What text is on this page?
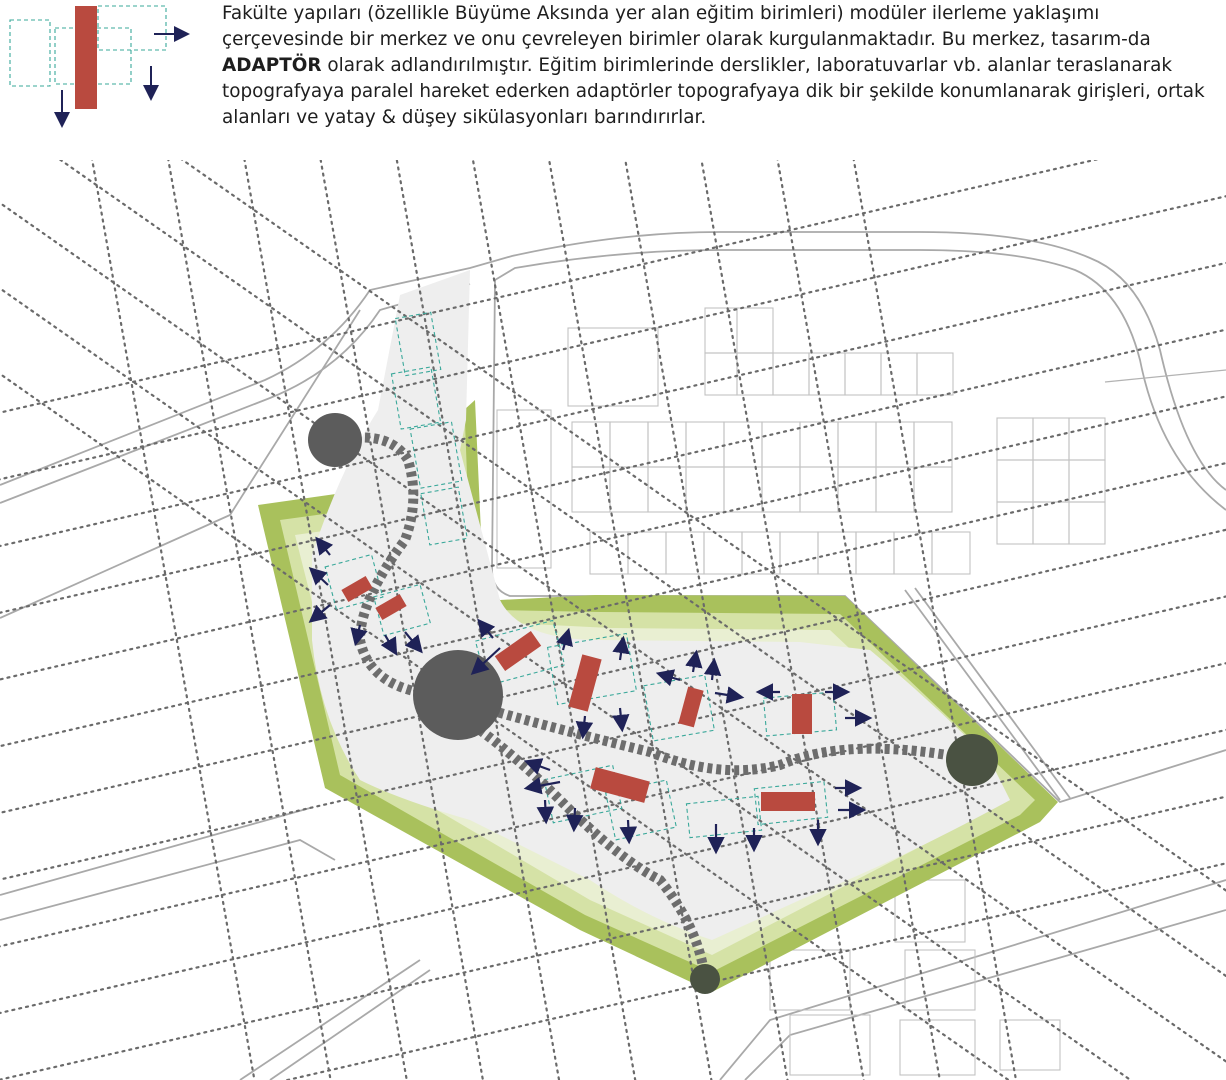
Fakülte yapıları (özellikle Büyüme Aksında yer alan eğitim birimleri) modüler ilerleme yaklaşımı çerçevesinde bir merkez ve onu çevreleyen birimler olarak kurgulanmaktadır. Bu merkez, tasarım-da ADAPTÖR olarak adlandırılmıştır. Eğitim birimlerinde derslikler, laboratuvarlar vb. alanlar teraslanarak topografyaya paralel hareket ederken adaptörler topografyaya dik bir şekilde konumlanarak girişleri, ortak alanları ve yatay & düşey sikülasyonları barındırırlar.
